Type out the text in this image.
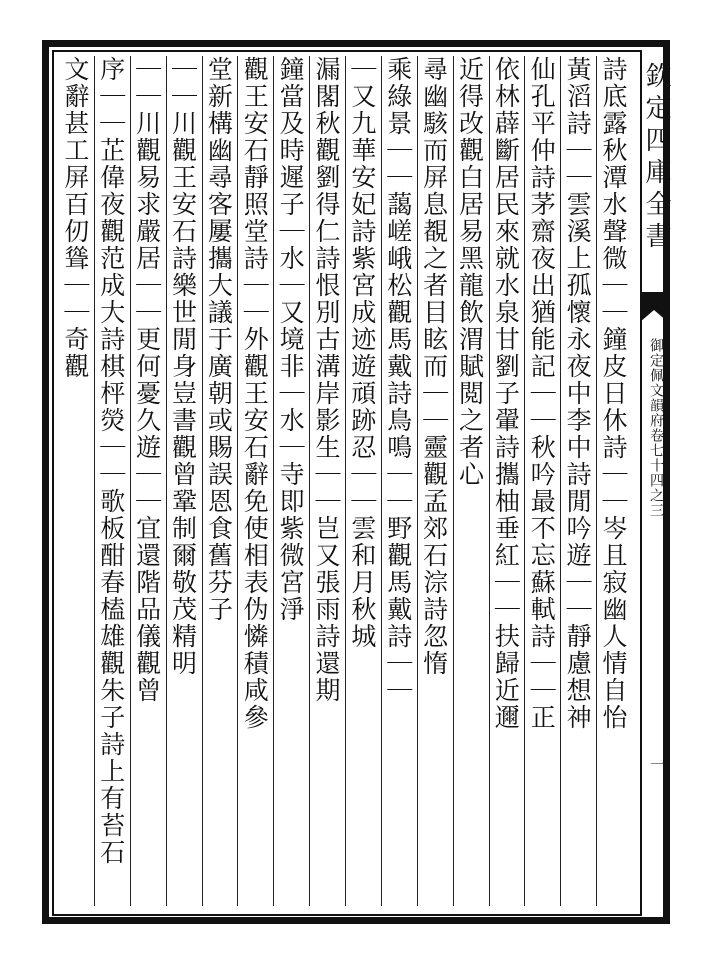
欽定四庫全書
御定佩文韻府卷七十四之三
一
詩底露秋潭水聲微｜｜鐘皮日休詩｜｜岑且寂幽人情自怡
黃滔詩｜｜雲溪上孤懷永夜中李中詩閒吟遊｜｜靜慮想神
仙孔平仲詩茅齋夜出猶能記｜｜秋吟最不忘蘇軾詩｜｜正
依林薜斷居民來就水泉甘劉子翬詩攜柚垂紅｜｜扶歸近邇
近得改觀白居易黑龍飲渭賦閲之者心
尋幽駭而屏息覩之者目眩而｜｜靈觀孟郊石淙詩忽惰
乘綠景｜｜藹嵯峨松觀馬戴詩鳥鳴｜｜野觀馬戴詩｜｜
｜又九華安妃詩紫宮成迹遊頑跡忍｜｜雲和月秋城
漏閣秋觀劉得仁詩恨別古溝岸影生｜｜岂又張雨詩還期
鐘當及時遲子｜水｜又境非｜水｜寺即紫微宮淨
觀王安石靜照堂詩｜｜外觀王安石辭免使相表伪憐積咸參
堂新構幽尋客屢攜大議于廣朝或賜誤恩食舊芬子
｜｜川觀王安石詩樂世閒身豈書觀曾鞏制爾敬茂精明
｜｜川觀易求嚴居｜｜更何憂久遊｜｜宜還階品儀觀曾
序｜｜芷偉夜觀范成大詩棋枰熒｜｜歌板酣春榼雄觀朱子詩上有苔石
文辭甚工屏百仞聳｜｜奇觀
